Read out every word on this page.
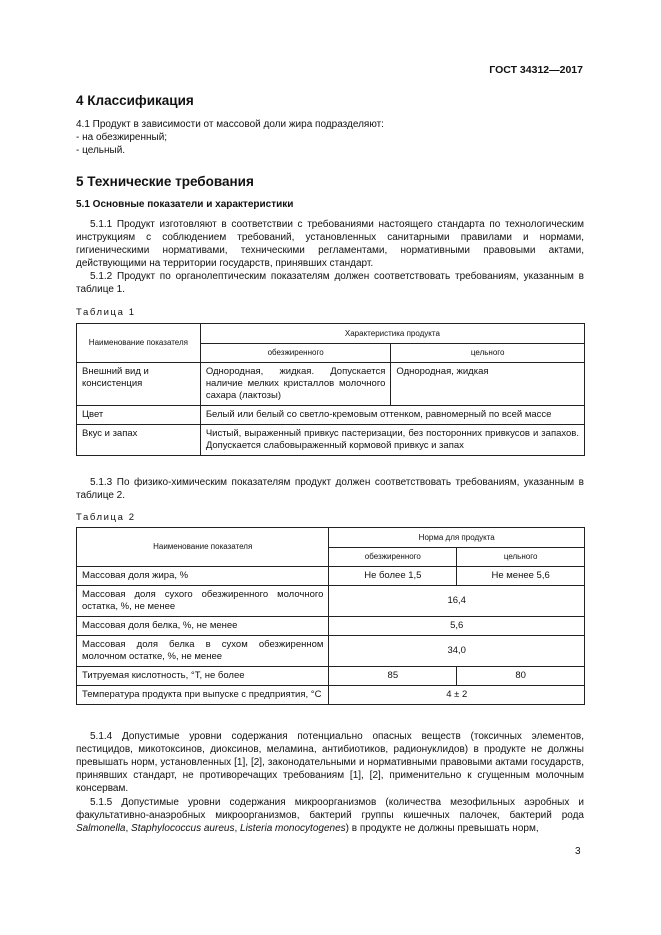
ГОСТ 34312—2017
4 Классификация
4.1 Продукт в зависимости от массовой доли жира подразделяют:
- на обезжиренный;
- цельный.
5 Технические требования
5.1 Основные показатели и характеристики
5.1.1 Продукт изготовляют в соответствии с требованиями настоящего стандарта по технологическим инструкциям с соблюдением требований, установленных санитарными правилами и нормами, гигиеническими нормативами, техническими регламентами, нормативными правовыми актами, действующими на территории государств, принявших стандарт.
5.1.2 Продукт по органолептическим показателям должен соответствовать требованиям, указанным в таблице 1.
Таблица 1
Наименование показателя	Характеристика продукта	
	обезжиренного	цельного
Внешний вид и консистенция	Однородная, жидкая. Допускается наличие мелких кристаллов молочного сахара (лактозы)	Однородная, жидкая
Цвет	Белый или белый со светло-кремовым оттенком, равномерный по всей массе	
Вкус и запах	Чистый, выраженный привкус пастеризации, без посторонних привкусов и запахов. Допускается слабовыраженный кормовой привкус и запах	
5.1.3 По физико-химическим показателям продукт должен соответствовать требованиям, указанным в таблице 2.
Таблица 2
Наименование показателя	Норма для продукта	
	обезжиренного	цельного
Массовая доля жира, %	Не более 1,5	Не менее 5,6
Массовая доля сухого обезжиренного молочного остатка, %, не менее	16,4	
Массовая доля белка, %, не менее	5,6	
Массовая доля белка в сухом обезжиренном молочном остатке, %, не менее	34,0	
Титруемая кислотность, °Т, не более	85	80
Температура продукта при выпуске с предприятия, °С	4 ± 2	
5.1.4 Допустимые уровни содержания потенциально опасных веществ (токсичных элементов, пестицидов, микотоксинов, диоксинов, меламина, антибиотиков, радионуклидов) в продукте не должны превышать норм, установленных [1], [2], законодательными и нормативными правовыми актами государств, принявших стандарт, не противоречащих требованиям [1], [2], применительно к сгущенным молочным консервам.
5.1.5 Допустимые уровни содержания микроорганизмов (количества мезофильных аэробных и факультативно-анаэробных микроорганизмов, бактерий группы кишечных палочек, бактерий рода Salmonella, Staphylococcus aureus, Listeria monocytogenes) в продукте не должны превышать норм,
3
